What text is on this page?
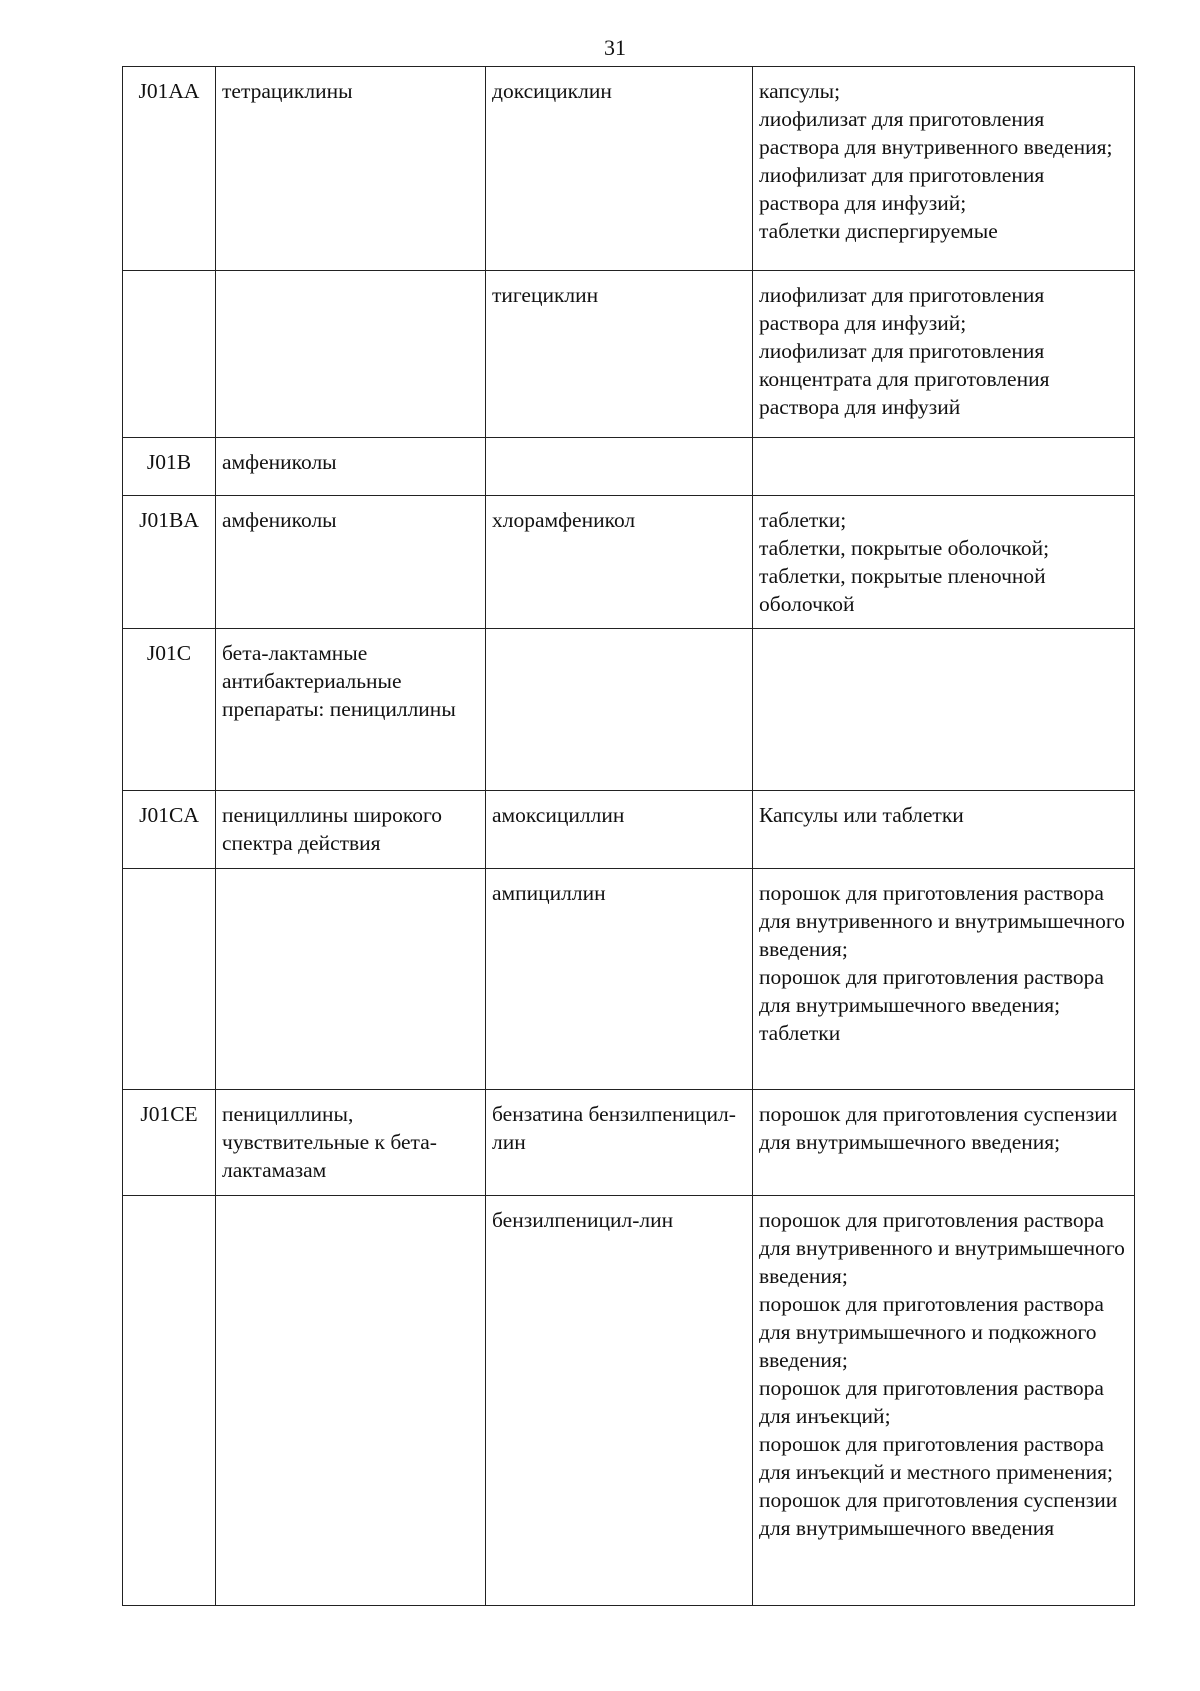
31
J01AA	тетрациклины	доксициклин	капсулы;
лиофилизат для приготовления раствора для внутривенного введения;
лиофилизат для приготовления раствора для инфузий;
таблетки диспергируемые
		тигециклин	лиофилизат для приготовления раствора для инфузий;
лиофилизат для приготовления концентрата для приготовления раствора для инфузий
J01B	амфениколы		
J01BA	амфениколы	хлорамфеникол	таблетки;
таблетки, покрытые оболочкой;
таблетки, покрытые пленочной оболочкой
J01C	бета-лактамные антибактериальные препараты: пенициллины		
J01CA	пенициллины широкого спектра действия	амоксициллин	Капсулы или таблетки
		ампициллин	порошок для приготовления раствора для внутривенного и внутримышечного введения;
порошок для приготовления раствора для внутримышечного введения;
таблетки
J01CE	пенициллины, чувствительные к бета-лактамазам	бензатина бензилпеницил-лин	порошок для приготовления суспензии для внутримышечного введения;
		бензилпеницил-лин	порошок для приготовления раствора для внутривенного и внутримышечного введения;
порошок для приготовления раствора для внутримышечного и подкожного введения;
порошок для приготовления раствора для инъекций;
порошок для приготовления раствора для инъекций и местного применения;
порошок для приготовления суспензии для внутримышечного введения
